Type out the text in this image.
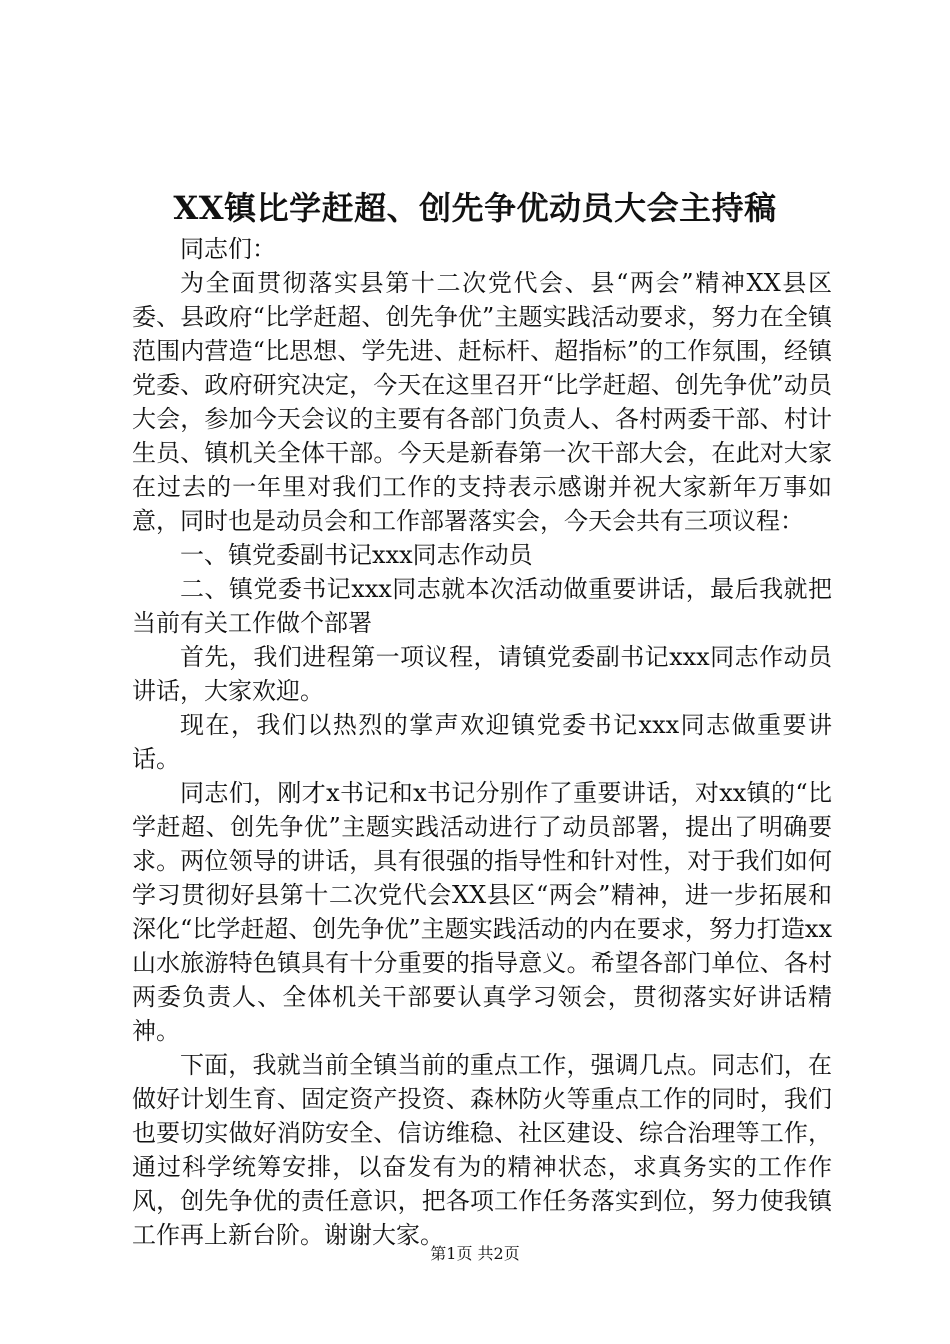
XX镇比学赶超、创先争优动员大会主持稿

同志们：

为全面贯彻落实县第十二次党代会、县“两会”精神XX县区委、县政府“比学赶超、创先争优”主题实践活动要求，努力在全镇范围内营造“比思想、学先进、赶标杆、超指标”的工作氛围，经镇党委、政府研究决定，今天在这里召开“比学赶超、创先争优”动员大会，参加今天会议的主要有各部门负责人、各村两委干部、村计生员、镇机关全体干部。今天是新春第一次干部大会，在此对大家在过去的一年里对我们工作的支持表示感谢并祝大家新年万事如意，同时也是动员会和工作部署落实会，今天会共有三项议程：

一、镇党委副书记xxx同志作动员

二、镇党委书记xxx同志就本次活动做重要讲话，最后我就把当前有关工作做个部署

首先，我们进程第一项议程，请镇党委副书记xxx同志作动员讲话，大家欢迎。

现在，我们以热烈的掌声欢迎镇党委书记xxx同志做重要讲话。

同志们，刚才x书记和x书记分别作了重要讲话，对xx镇的“比学赶超、创先争优”主题实践活动进行了动员部署，提出了明确要求。两位领导的讲话，具有很强的指导性和针对性，对于我们如何学习贯彻好县第十二次党代会XX县区“两会”精神，进一步拓展和深化“比学赶超、创先争优”主题实践活动的内在要求，努力打造xx山水旅游特色镇具有十分重要的指导意义。希望各部门单位、各村两委负责人、全体机关干部要认真学习领会，贯彻落实好讲话精神。

下面，我就当前全镇当前的重点工作，强调几点。同志们，在做好计划生育、固定资产投资、森林防火等重点工作的同时，我们也要切实做好消防安全、信访维稳、社区建设、综合治理等工作，通过科学统筹安排，以奋发有为的精神状态，求真务实的工作作风，创先争优的责任意识，把各项工作任务落实到位，努力使我镇工作再上新台阶。谢谢大家。

第1页 共2页
